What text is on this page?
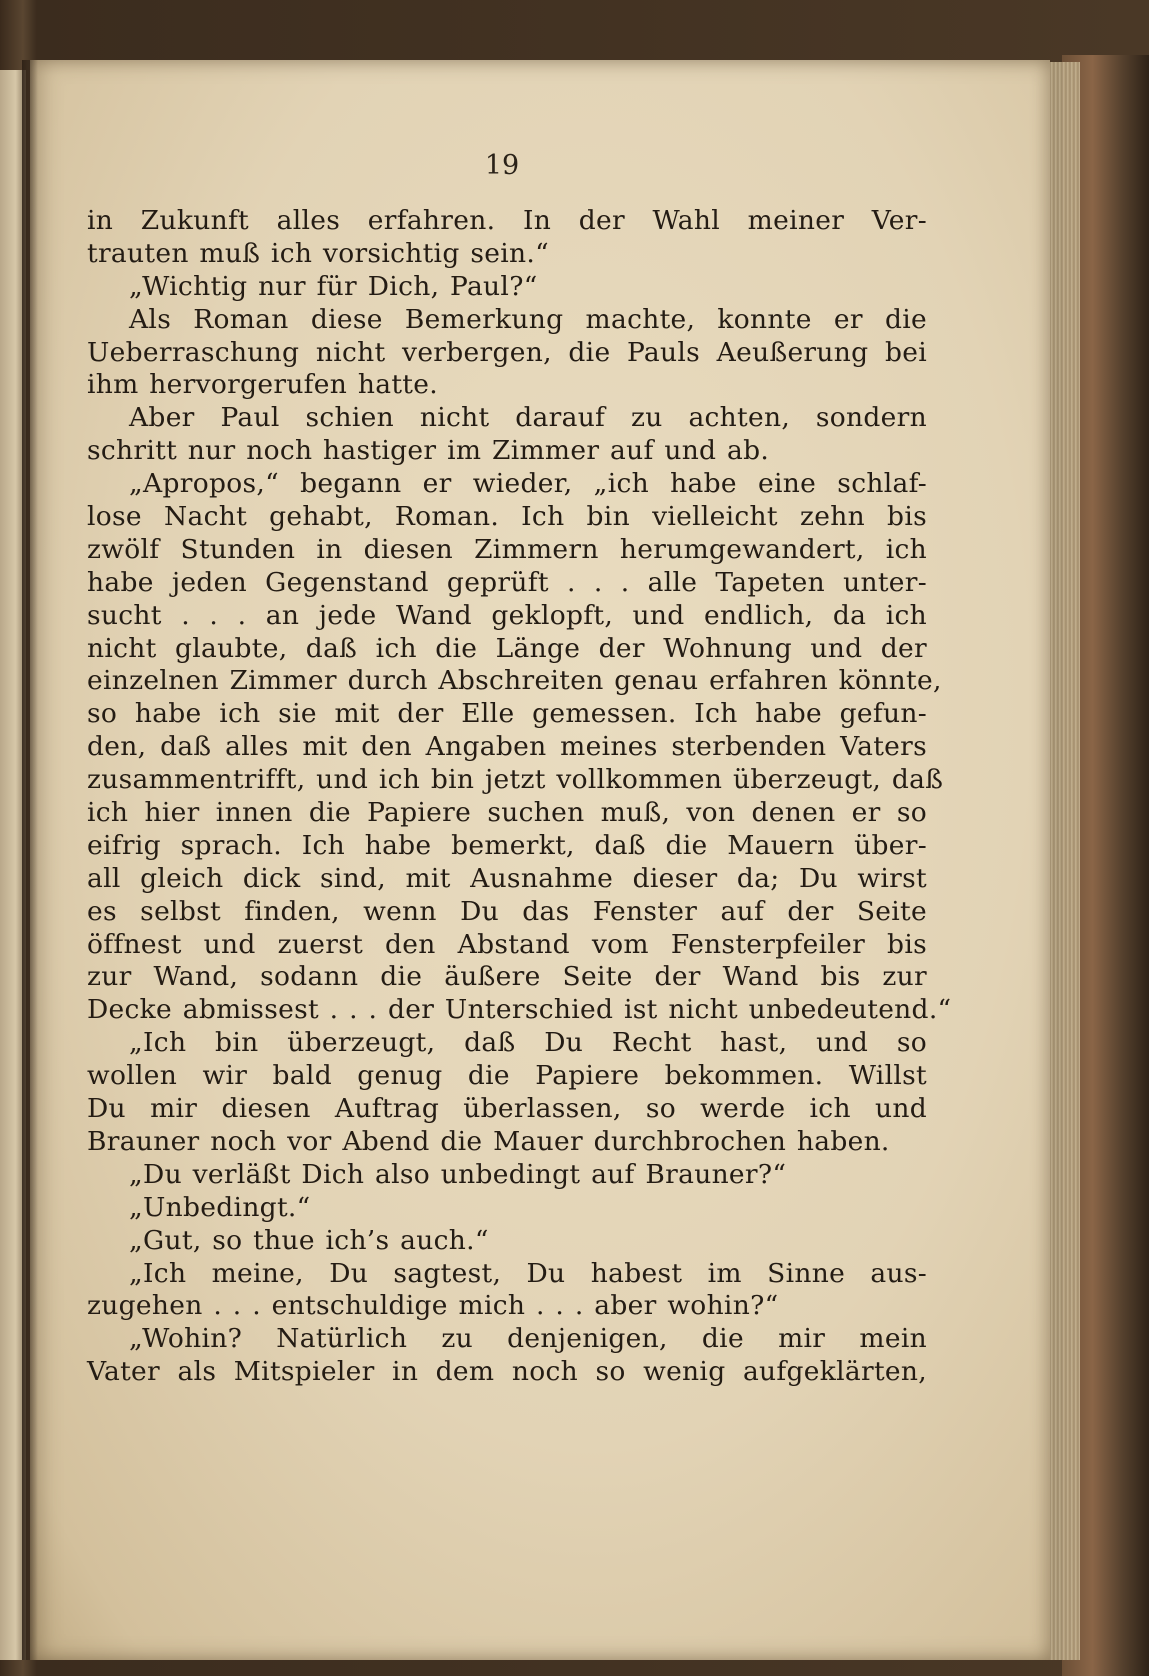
19
in Zukunft alles erfahren. In der Wahl meiner Ver-
trauten muß ich vorsichtig sein.“
„Wichtig nur für Dich, Paul?“
Als Roman diese Bemerkung machte, konnte er die
Ueberraschung nicht verbergen, die Pauls Aeußerung bei
ihm hervorgerufen hatte.
Aber Paul schien nicht darauf zu achten, sondern
schritt nur noch hastiger im Zimmer auf und ab.
„Apropos,“ begann er wieder, „ich habe eine schlaf-
lose Nacht gehabt, Roman. Ich bin vielleicht zehn bis
zwölf Stunden in diesen Zimmern herumgewandert, ich
habe jeden Gegenstand geprüft . . . alle Tapeten unter-
sucht . . . an jede Wand geklopft, und endlich, da ich
nicht glaubte, daß ich die Länge der Wohnung und der
einzelnen Zimmer durch Abschreiten genau erfahren könnte,
so habe ich sie mit der Elle gemessen. Ich habe gefun-
den, daß alles mit den Angaben meines sterbenden Vaters
zusammentrifft, und ich bin jetzt vollkommen überzeugt, daß
ich hier innen die Papiere suchen muß, von denen er so
eifrig sprach. Ich habe bemerkt, daß die Mauern über-
all gleich dick sind, mit Ausnahme dieser da; Du wirst
es selbst finden, wenn Du das Fenster auf der Seite
öffnest und zuerst den Abstand vom Fensterpfeiler bis
zur Wand, sodann die äußere Seite der Wand bis zur
Decke abmissest . . . der Unterschied ist nicht unbedeutend.“
„Ich bin überzeugt, daß Du Recht hast, und so
wollen wir bald genug die Papiere bekommen. Willst
Du mir diesen Auftrag überlassen, so werde ich und
Brauner noch vor Abend die Mauer durchbrochen haben.
„Du verläßt Dich also unbedingt auf Brauner?“
„Unbedingt.“
„Gut, so thue ich’s auch.“
„Ich meine, Du sagtest, Du habest im Sinne aus-
zugehen . . . entschuldige mich . . . aber wohin?“
„Wohin? Natürlich zu denjenigen, die mir mein
Vater als Mitspieler in dem noch so wenig aufgeklärten,
